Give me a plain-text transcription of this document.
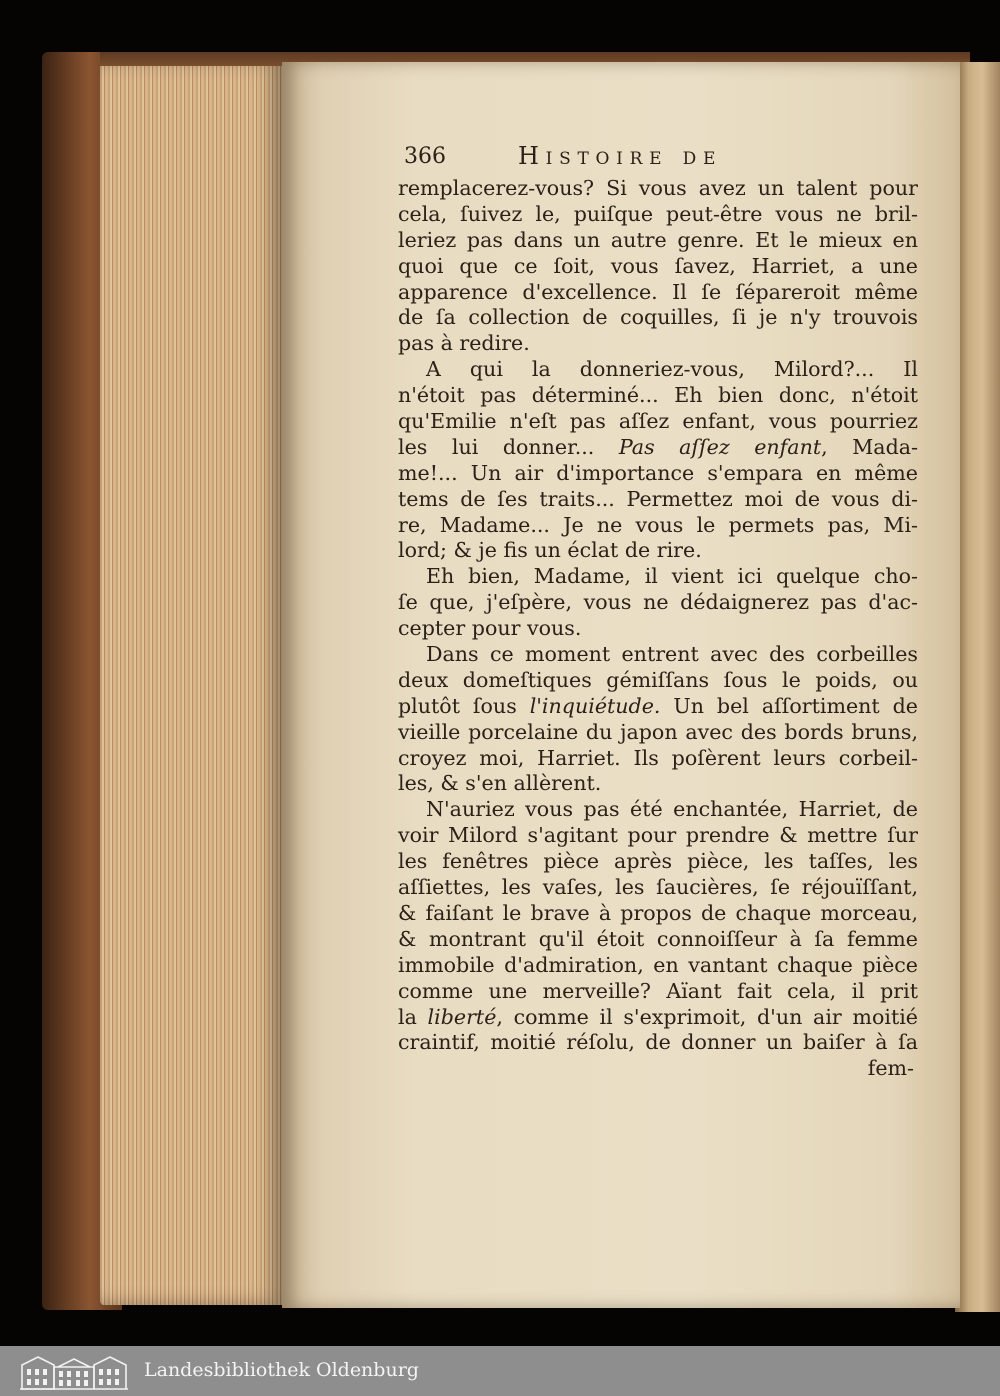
366	Histoire de
remplacerez-vous? Si vous avez un talent pour
cela, ſuivez le, puiſque peut-être vous ne bril-
leriez pas dans un autre genre. Et le mieux en
quoi que ce ſoit, vous ſavez, Harriet, a une
apparence d'excellence. Il ſe ſépareroit même
de ſa collection de coquilles, ſi je n'y trouvois
pas à redire.
A qui la donneriez-vous, Milord?... Il
n'étoit pas déterminé... Eh bien donc, n'étoit
qu'Emilie n'eſt pas aſſez enfant, vous pourriez
les lui donner... Pas aſſez enfant, Mada-
me!... Un air d'importance s'empara en même
tems de ſes traits... Permettez moi de vous di-
re, Madame... Je ne vous le permets pas, Mi-
lord; & je fis un éclat de rire.
Eh bien, Madame, il vient ici quelque cho-
ſe que, j'eſpère, vous ne dédaignerez pas d'ac-
cepter pour vous.
Dans ce moment entrent avec des corbeilles
deux domeſtiques gémiſſans ſous le poids, ou
plutôt ſous l'inquiétude. Un bel aſſortiment de
vieille porcelaine du japon avec des bords bruns,
croyez moi, Harriet. Ils poſèrent leurs corbeil-
les, & s'en allèrent.
N'auriez vous pas été enchantée, Harriet, de
voir Milord s'agitant pour prendre & mettre ſur
les fenêtres pièce après pièce, les taſſes, les
aſſiettes, les vaſes, les ſaucières, ſe réjouïſſant,
& faiſant le brave à propos de chaque morceau,
& montrant qu'il étoit connoiſſeur à ſa femme
immobile d'admiration, en vantant chaque pièce
comme une merveille? Aïant fait cela, il prit
la liberté, comme il s'exprimoit, d'un air moitié
craintif, moitié réſolu, de donner un baiſer à ſa
fem-
Landesbibliothek Oldenburg
